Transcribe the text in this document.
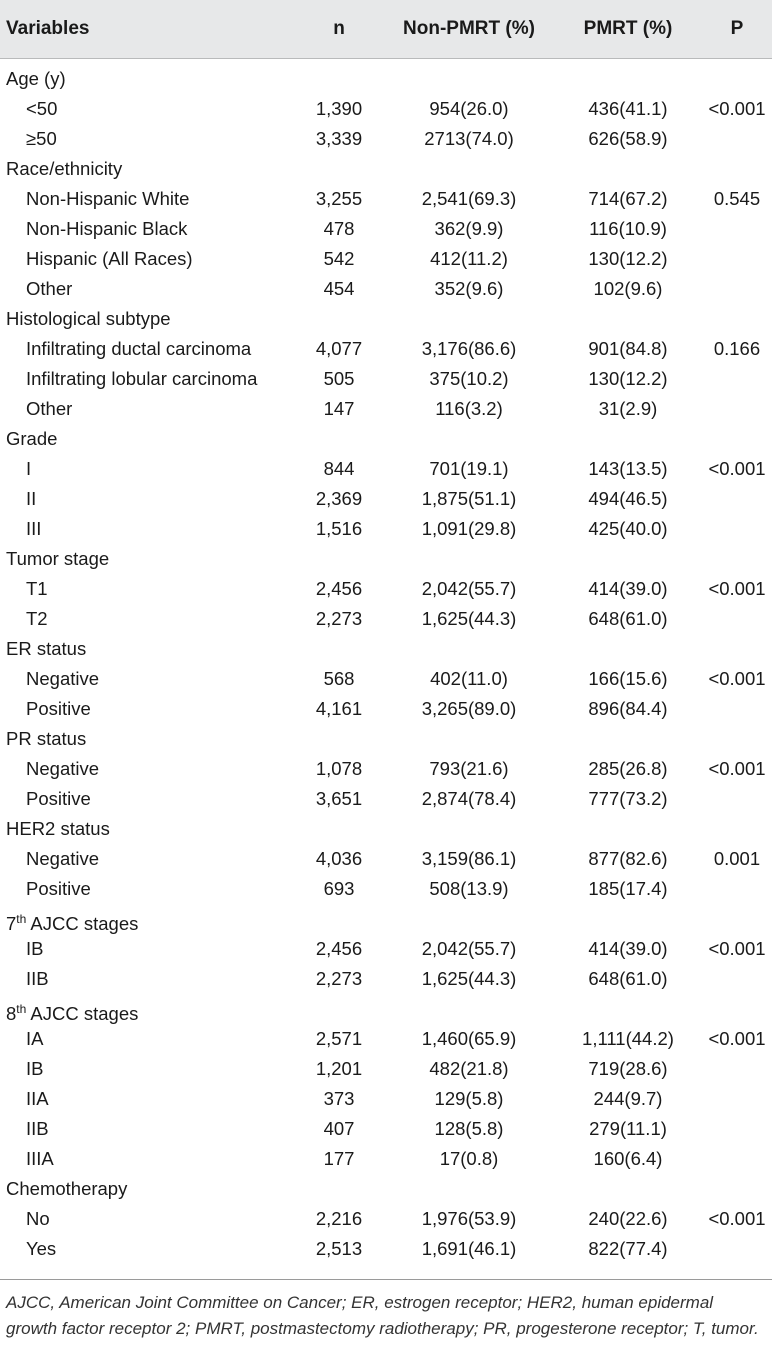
Variables	n	Non-PMRT (%)	PMRT (%)	P
Age (y)
<50	1,390	954(26.0)	436(41.1)	<0.001
≥50	3,339	2713(74.0)	626(58.9)
Race/ethnicity
Non-Hispanic White	3,255	2,541(69.3)	714(67.2)	0.545
Non-Hispanic Black	478	362(9.9)	116(10.9)
Hispanic (All Races)	542	412(11.2)	130(12.2)
Other	454	352(9.6)	102(9.6)
Histological subtype
Infiltrating ductal carcinoma	4,077	3,176(86.6)	901(84.8)	0.166
Infiltrating lobular carcinoma	505	375(10.2)	130(12.2)
Other	147	116(3.2)	31(2.9)
Grade
I	844	701(19.1)	143(13.5)	<0.001
II	2,369	1,875(51.1)	494(46.5)
III	1,516	1,091(29.8)	425(40.0)
Tumor stage
T1	2,456	2,042(55.7)	414(39.0)	<0.001
T2	2,273	1,625(44.3)	648(61.0)
ER status
Negative	568	402(11.0)	166(15.6)	<0.001
Positive	4,161	3,265(89.0)	896(84.4)
PR status
Negative	1,078	793(21.6)	285(26.8)	<0.001
Positive	3,651	2,874(78.4)	777(73.2)
HER2 status
Negative	4,036	3,159(86.1)	877(82.6)	0.001
Positive	693	508(13.9)	185(17.4)
7th AJCC stages
IB	2,456	2,042(55.7)	414(39.0)	<0.001
IIB	2,273	1,625(44.3)	648(61.0)
8th AJCC stages
IA	2,571	1,460(65.9)	1,111(44.2)	<0.001
IB	1,201	482(21.8)	719(28.6)
IIA	373	129(5.8)	244(9.7)
IIB	407	128(5.8)	279(11.1)
IIIA	177	17(0.8)	160(6.4)
Chemotherapy
No	2,216	1,976(53.9)	240(22.6)	<0.001
Yes	2,513	1,691(46.1)	822(77.4)
AJCC, American Joint Committee on Cancer; ER, estrogen receptor; HER2, human epidermal growth factor receptor 2; PMRT, postmastectomy radiotherapy; PR, progesterone receptor; T, tumor.
